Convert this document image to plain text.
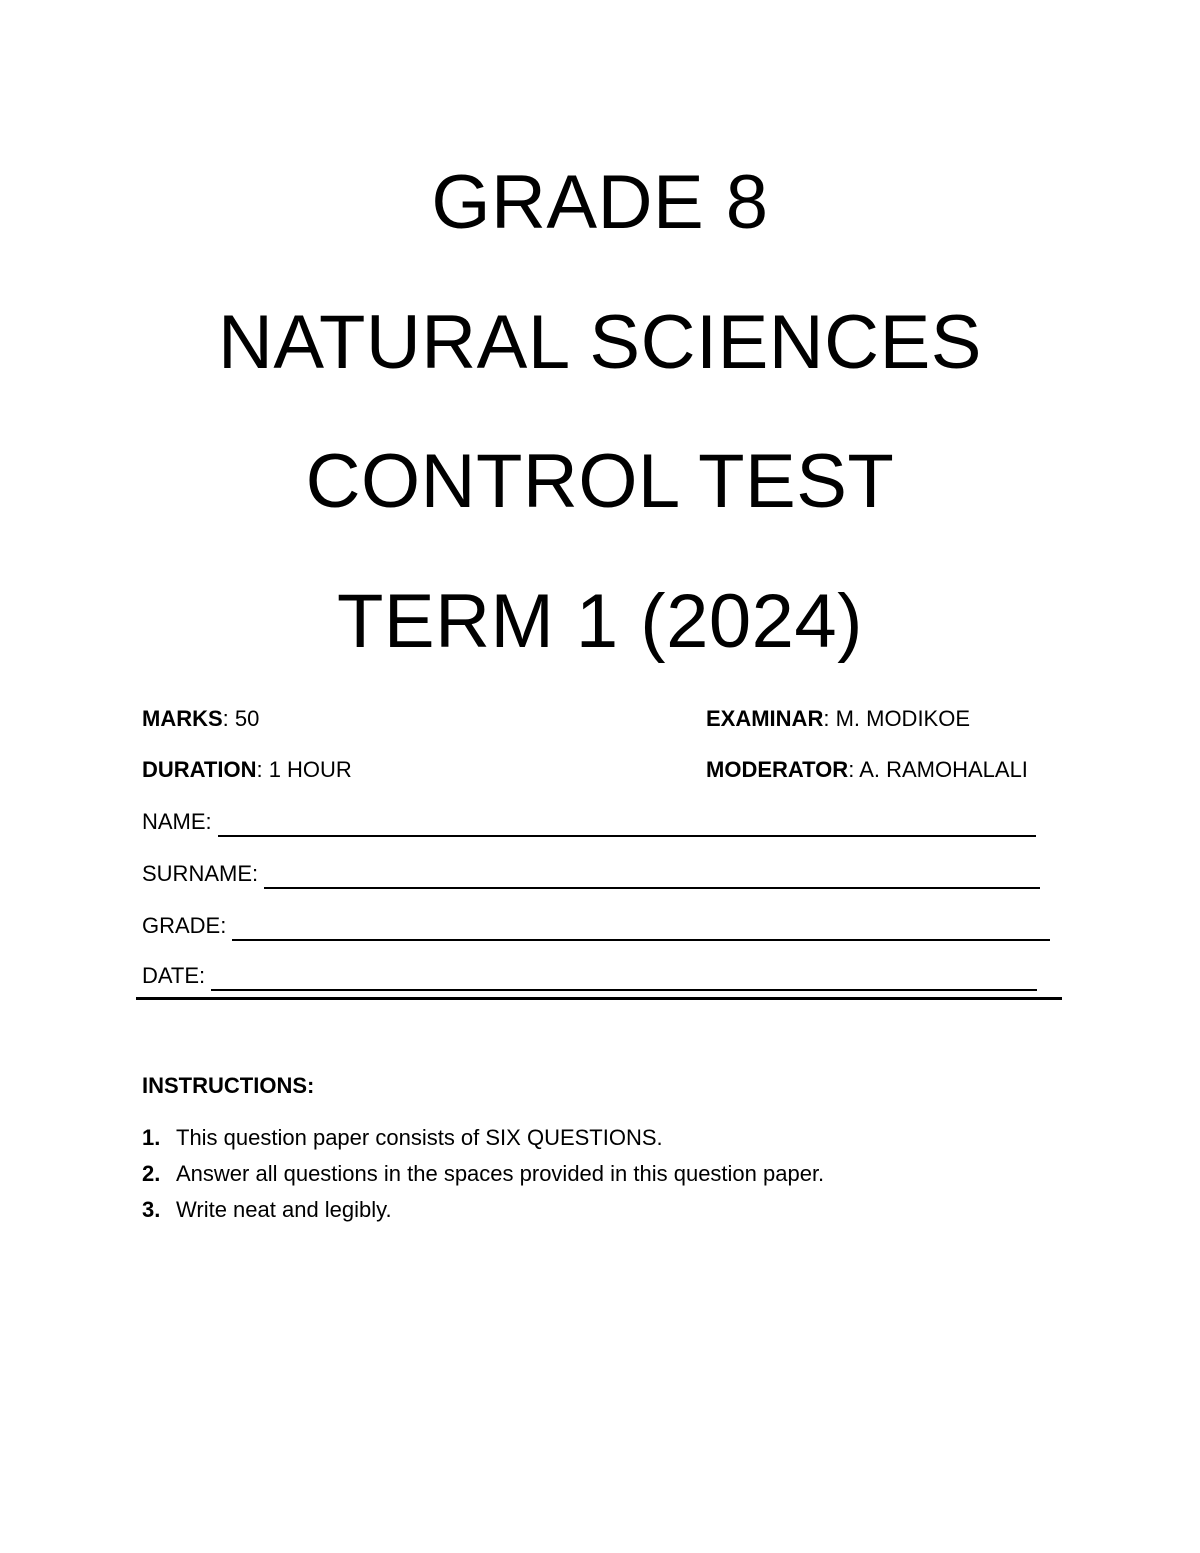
GRADE 8
NATURAL SCIENCES
CONTROL TEST
TERM 1 (2024)
MARKS: 50	EXAMINAR: M. MODIKOE
DURATION: 1 HOUR	MODERATOR: A. RAMOHALALI
NAME:
SURNAME:
GRADE:
DATE:
INSTRUCTIONS:
1. This question paper consists of SIX QUESTIONS.
2. Answer all questions in the spaces provided in this question paper.
3. Write neat and legibly.
